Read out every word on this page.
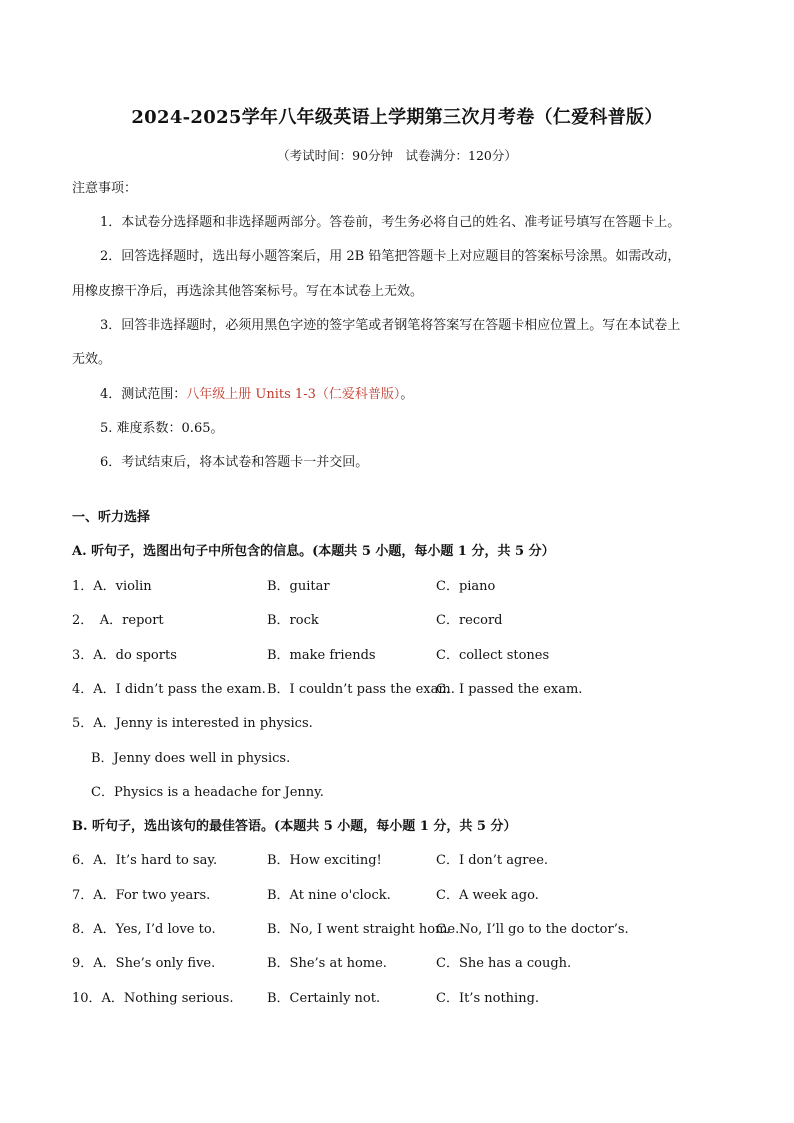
2024-2025学年八年级英语上学期第三次月考卷（仁爱科普版）
（考试时间：90分钟　试卷满分：120分）
注意事项：
1．本试卷分选择题和非选择题两部分。答卷前，考生务必将自己的姓名、准考证号填写在答题卡上。
2．回答选择题时，选出每小题答案后，用 2B 铅笔把答题卡上对应题目的答案标号涂黑。如需改动，
用橡皮擦干净后，再选涂其他答案标号。写在本试卷上无效。
3．回答非选择题时，必须用黑色字迹的签字笔或者钢笔将答案写在答题卡相应位置上。写在本试卷上
无效。
4．测试范围：八年级上册 Units 1-3（仁爱科普版）。
5. 难度系数：0.65。
6．考试结束后，将本试卷和答题卡一并交回。
一、听力选择
A. 听句子，选图出句子中所包含的信息。(本题共 5 小题，每小题 1 分，共 5 分）
1．A．violin	B．guitar	C．piano
2．　A．report	B．rock	C．record
3．A．do sports	B．make friends	C．collect stones
4．A．I didn’t pass the exam. B．I couldn’t pass the exam.
C．I passed the exam.
5．A．Jenny is interested in physics.
B．Jenny does well in physics.
C．Physics is a headache for Jenny.
B. 听句子，选出该句的最佳答语。(本题共 5 小题，每小题 1 分，共 5 分）
6．A．It’s hard to say.	B．How exciting!	C．I don’t agree.
7．A．For two years.	B．At nine o'clock.	C．A week ago.
8．A．Yes, I’d love to.	B．No, I went straight home.
C．No, I’ll go to the doctor’s.
9．A．She’s only five.	B．She’s at home.	C．She has a cough.
10．A．Nothing serious.	B．Certainly not.	C．It’s nothing.
